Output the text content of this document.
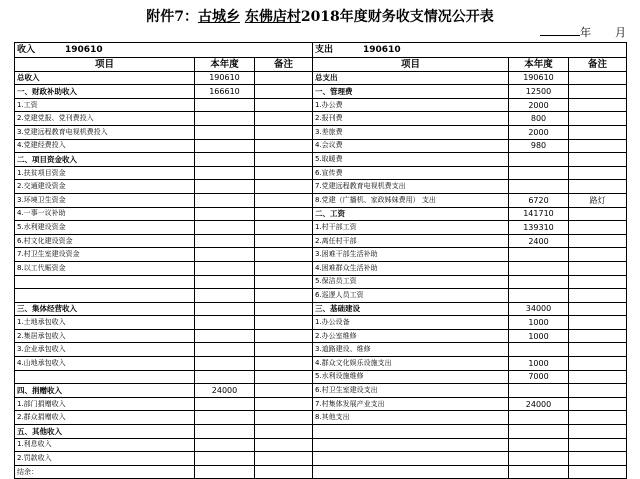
附件7：古城乡 东佛店村2018年度财务收支情况公开表
年 月
收入 190610			支出 190610		
项目	本年度	备注	项目	本年度	备注
总收入	190610		总支出	190610	
一、财政补助收入	166610		一、管理费	12500	
1.工资			1.办公费	2000	
2.党建党报、党刊费投入			2.报刊费	800	
3.党建远程教育电视机费投入			3.差旅费	2000	
4.党建经费投入			4.会议费	980	
二、项目资金收入			5.取暖费		
1.扶贫项目资金			6.宣传费		
2.交通建设资金			7.党建远程教育电视机费支出		
3.环境卫生资金			8.党建（广播机、家政姊妹费用） 支出	6720	路灯
4.一事一议补助			二、工资	141710	
5.水利建设资金			1.村干部工资	139310	
6.村文化建设资金			2.离任村干部	2400	
7.村卫生室建设资金			3.困难干部生活补助		
8.以工代赈资金			4.困难群众生活补助		
			5.保洁员工资		
			6.巡逻人员工资		
三、集体经营收入			三、基础建设	34000	
1.土地承包收入			1.办公设备	1000	
2.集居承包收入			2.办公室维修	1000	
3.企业承包收入			3.道路建设、维修		
4.山地承包收入			4.群众文化娱乐设施支出	1000	
			5.水利设施维修	7000	
四、捐赠收入	24000		6.村卫生室建设支出		
1.部门捐赠收入			7.村集体发展产业支出	24000	
2.群众捐赠收入			8.其他支出		
五、其他收入					
1.利息收入					
2.罚款收入					
结余：					
